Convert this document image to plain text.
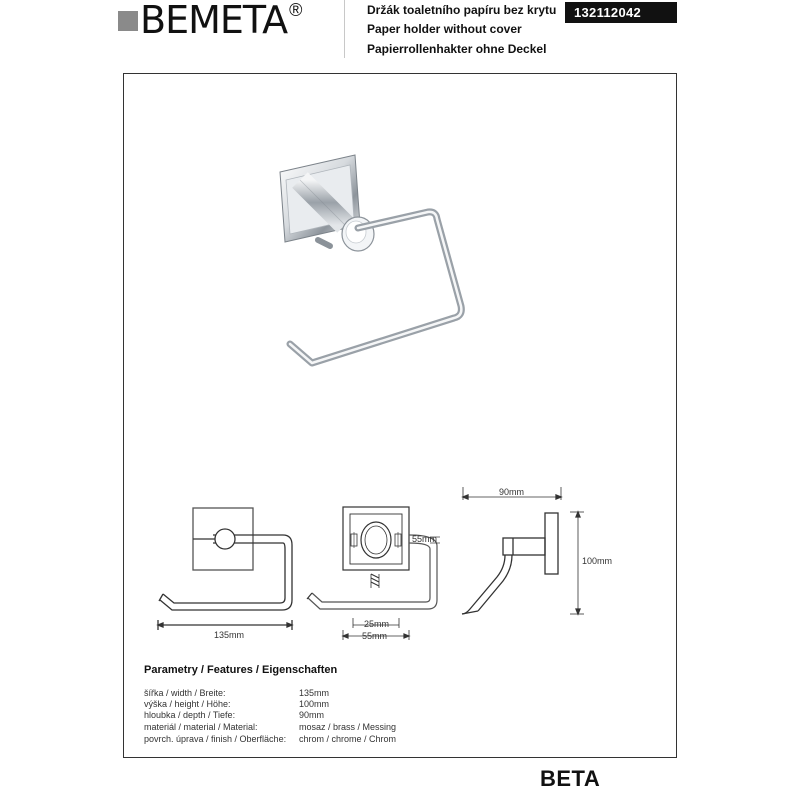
BEMETA ®	Držák toaletního papíru bez krytu
Paper holder without cover
Papierrollenhakter ohne Deckel
132112042
135mm
55mm
25mm
55mm
90mm
100mm
Parametry / Features / Eigenschaften
šířka / width / Breite:	135mm
výška / height / Höhe:	100mm
hloubka / depth / Tiefe:	90mm
materiál / material / Material:	mosaz / brass / Messing
povrch. úprava / finish / Oberfläche: chrom / chrome / Chrom
BETA
